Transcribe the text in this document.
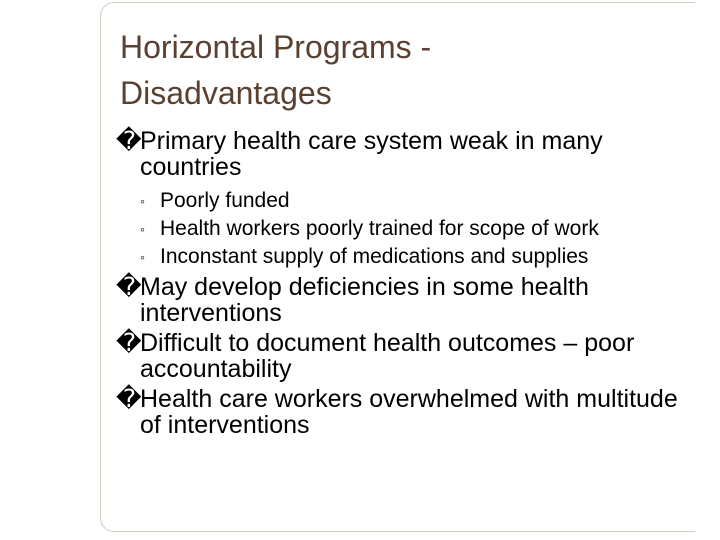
Horizontal Programs -
Disadvantages
�
Primary health care system weak in many countries
◦ Poorly funded
◦ Health workers poorly trained for scope of work
◦ Inconstant supply of medications and supplies
�
May develop deficiencies in some health interventions
�
Difficult to document health outcomes – poor accountability
�
Health care workers overwhelmed with multitude of interventions
